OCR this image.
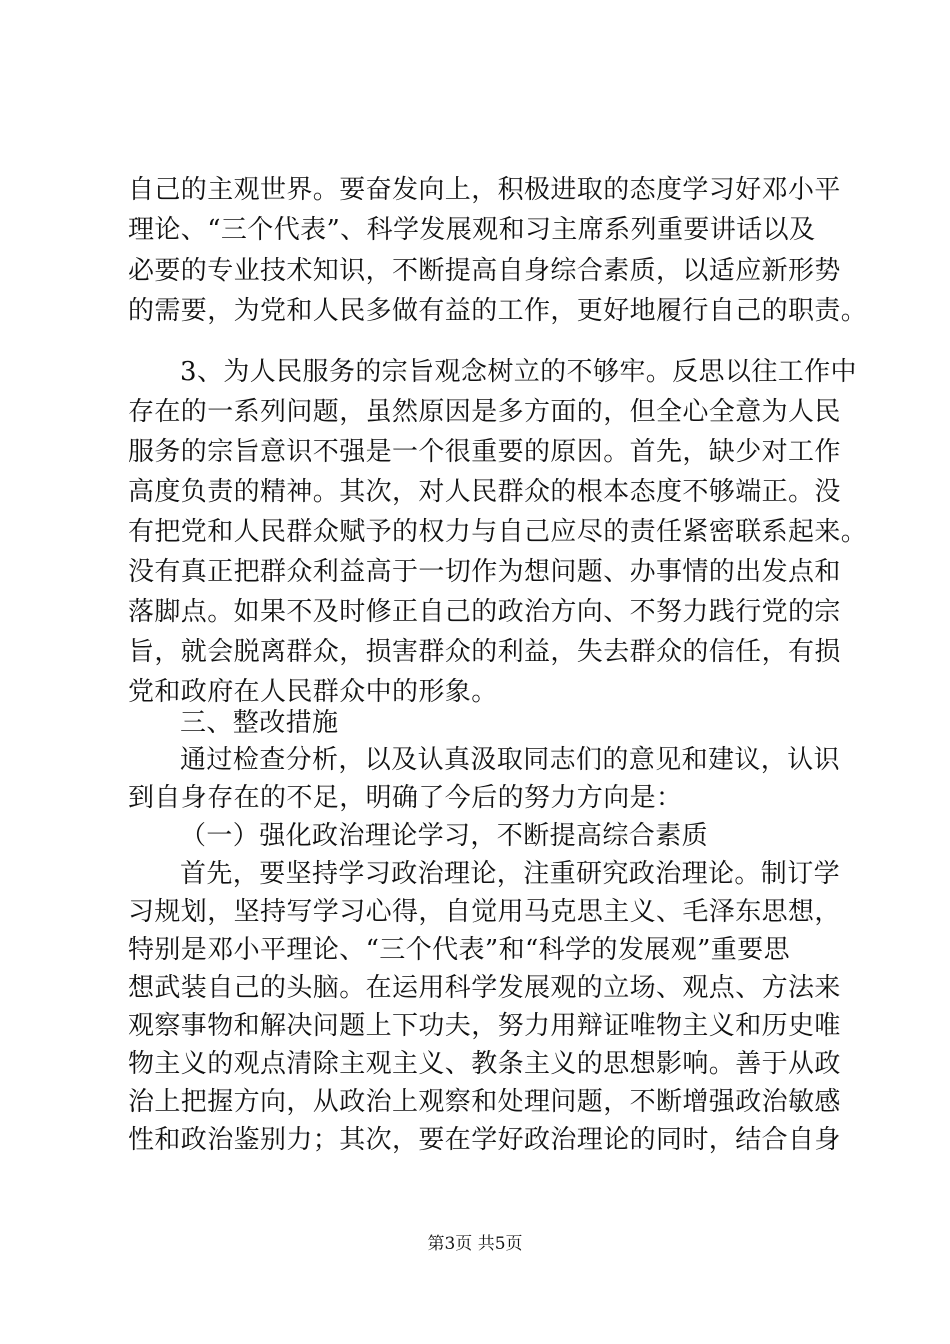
自己的主观世界。要奋发向上，积极进取的态度学习好邓小平

理论、“三个代表”、科学发展观和习主席系列重要讲话以及

必要的专业技术知识，不断提高自身综合素质，以适应新形势

的需要，为党和人民多做有益的工作，更好地履行自己的职责。

3、为人民服务的宗旨观念树立的不够牢。反思以往工作中

存在的一系列问题，虽然原因是多方面的，但全心全意为人民

服务的宗旨意识不强是一个很重要的原因。首先，缺少对工作

高度负责的精神。其次，对人民群众的根本态度不够端正。没

有把党和人民群众赋予的权力与自己应尽的责任紧密联系起来。

没有真正把群众利益高于一切作为想问题、办事情的出发点和

落脚点。如果不及时修正自己的政治方向、不努力践行党的宗

旨，就会脱离群众，损害群众的利益，失去群众的信任，有损

党和政府在人民群众中的形象。

三、整改措施

通过检查分析，以及认真汲取同志们的意见和建议，认识

到自身存在的不足，明确了今后的努力方向是：

（一）强化政治理论学习，不断提高综合素质

首先，要坚持学习政治理论，注重研究政治理论。制订学

习规划，坚持写学习心得，自觉用马克思主义、毛泽东思想，

特别是邓小平理论、“三个代表”和“科学的发展观”重要思

想武装自己的头脑。在运用科学发展观的立场、观点、方法来

观察事物和解决问题上下功夫，努力用辩证唯物主义和历史唯

物主义的观点清除主观主义、教条主义的思想影响。善于从政

治上把握方向，从政治上观察和处理问题，不断增强政治敏感

性和政治鉴别力；其次，要在学好政治理论的同时，结合自身

第3页 共5页
